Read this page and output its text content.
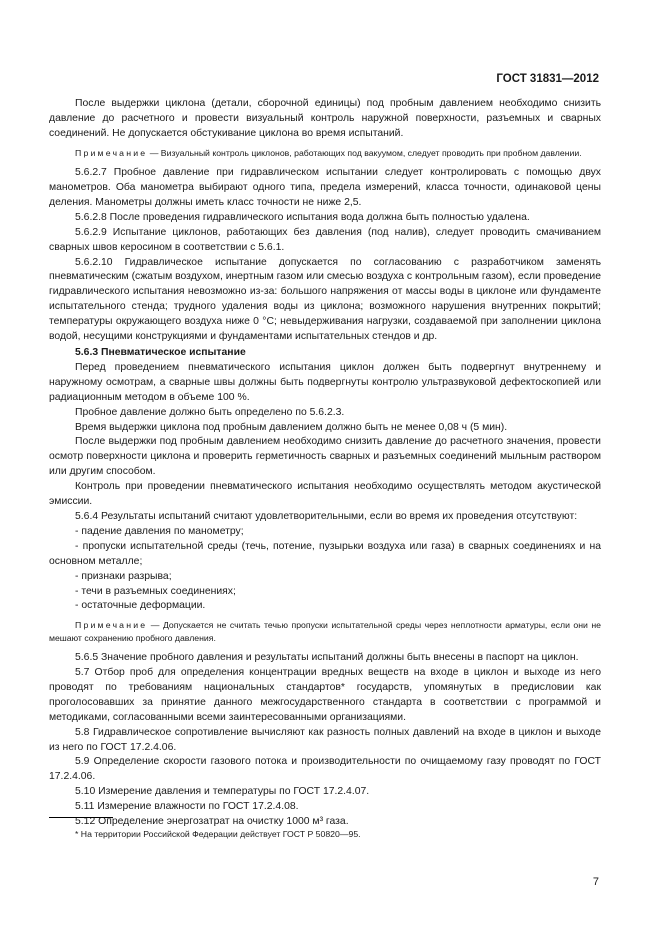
ГОСТ 31831—2012

После выдержки циклона (детали, сборочной единицы) под пробным давлением необходимо снизить давление до расчетного и провести визуальный контроль наружной поверхности, разъемных и сварных соединений. Не допускается обстукивание циклона во время испытаний.

Примечание — Визуальный контроль циклонов, работающих под вакуумом, следует проводить при пробном давлении.

5.6.2.7 Пробное давление при гидравлическом испытании следует контролировать с помощью двух манометров. Оба манометра выбирают одного типа, предела измерений, класса точности, одинаковой цены деления. Манометры должны иметь класс точности не ниже 2,5.

5.6.2.8 После проведения гидравлического испытания вода должна быть полностью удалена.

5.6.2.9 Испытание циклонов, работающих без давления (под налив), следует проводить смачиванием сварных швов керосином в соответствии с 5.6.1.

5.6.2.10 Гидравлическое испытание допускается по согласованию с разработчиком заменять пневматическим (сжатым воздухом, инертным газом или смесью воздуха с контрольным газом), если проведение гидравлического испытания невозможно из-за: большого напряжения от массы воды в циклоне или фундаменте испытательного стенда; трудного удаления воды из циклона; возможного нарушения внутренних покрытий; температуры окружающего воздуха ниже 0 °C; невыдерживания нагрузки, создаваемой при заполнении циклона водой, несущими конструкциями и фундаментами испытательных стендов и др.

5.6.3 Пневматическое испытание

Перед проведением пневматического испытания циклон должен быть подвергнут внутреннему и наружному осмотрам, а сварные швы должны быть подвергнуты контролю ультразвуковой дефектоскопией или радиационным методом в объеме 100 %.

Пробное давление должно быть определено по 5.6.2.3.

Время выдержки циклона под пробным давлением должно быть не менее 0,08 ч (5 мин).

После выдержки под пробным давлением необходимо снизить давление до расчетного значения, провести осмотр поверхности циклона и проверить герметичность сварных и разъемных соединений мыльным раствором или другим способом.

Контроль при проведении пневматического испытания необходимо осуществлять методом акустической эмиссии.

5.6.4 Результаты испытаний считают удовлетворительными, если во время их проведения отсутствуют:

- падение давления по манометру;

- пропуски испытательной среды (течь, потение, пузырьки воздуха или газа) в сварных соединениях и на основном металле;

- признаки разрыва;

- течи в разъемных соединениях;

- остаточные деформации.

Примечание — Допускается не считать течью пропуски испытательной среды через неплотности арматуры, если они не мешают сохранению пробного давления.

5.6.5 Значение пробного давления и результаты испытаний должны быть внесены в паспорт на циклон.

5.7 Отбор проб для определения концентрации вредных веществ на входе в циклон и выходе из него проводят по требованиям национальных стандартов* государств, упомянутых в предисловии как проголосовавших за принятие данного межгосударственного стандарта в соответствии с программой и методиками, согласованными всеми заинтересованными организациями.

5.8 Гидравлическое сопротивление вычисляют как разность полных давлений на входе в циклон и выходе из него по ГОСТ 17.2.4.06.

5.9 Определение скорости газового потока и производительности по очищаемому газу проводят по ГОСТ 17.2.4.06.

5.10 Измерение давления и температуры по ГОСТ 17.2.4.07.

5.11 Измерение влажности по ГОСТ 17.2.4.08.

5.12 Определение энергозатрат на очистку 1000 м³ газа.

* На территории Российской Федерации действует ГОСТ Р 50820—95.
7
